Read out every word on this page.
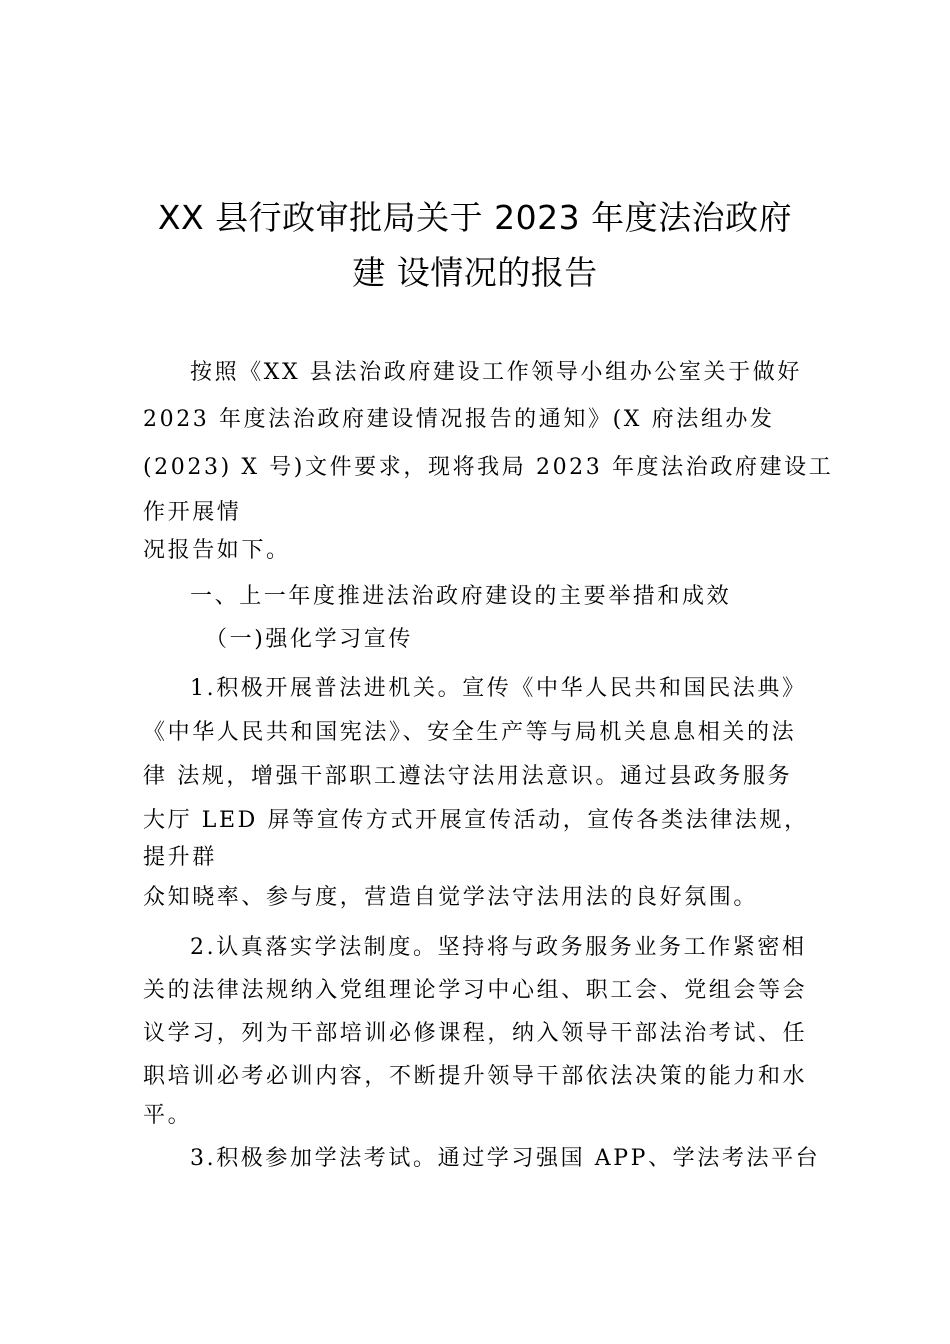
XX 县行政审批局关于 2023 年度法治政府
建 设情况的报告
按照《XX 县法治政府建设工作领导小组办公室关于做好
2023 年度法治政府建设情况报告的通知》(X 府法组办发
(2023) X 号)文件要求，现将我局 2023 年度法治政府建设工
作开展情
况报告如下。
一、上一年度推进法治政府建设的主要举措和成效
（一)强化学习宣传
1.积极开展普法进机关。宣传《中华人民共和国民法典》
《中华人民共和国宪法》、安全生产等与局机关息息相关的法
律 法规，增强干部职工遵法守法用法意识。通过县政务服务
大厅 LED 屏等宣传方式开展宣传活动，宣传各类法律法规，
提升群
众知晓率、参与度，营造自觉学法守法用法的良好氛围。
2.认真落实学法制度。坚持将与政务服务业务工作紧密相
关的法律法规纳入党组理论学习中心组、职工会、党组会等会
议学习，列为干部培训必修课程，纳入领导干部法治考试、任
职培训必考必训内容，不断提升领导干部依法决策的能力和水
平。
3.积极参加学法考试。通过学习强国 APP、学法考法平台
